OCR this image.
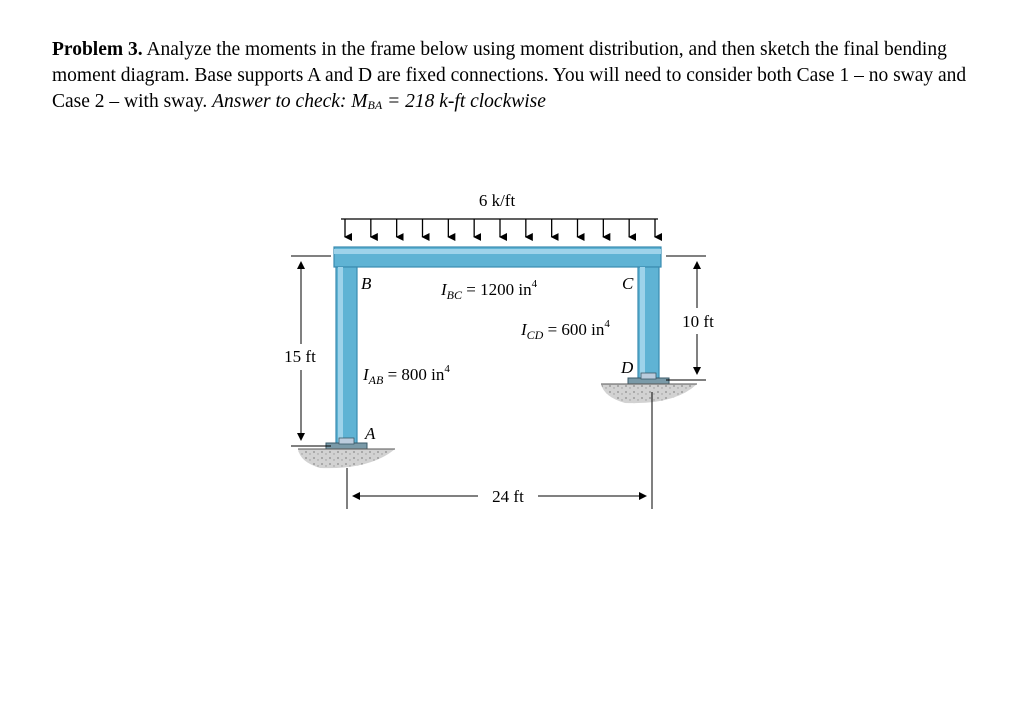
Problem 3. Analyze the moments in the frame below using moment distribution, and then sketch the final bending moment diagram. Base supports A and D are fixed connections. You will need to consider both Case 1 – no sway and Case 2 – with sway. Answer to check: $M_{BA} = 218$ k-ft clockwise
6 k/ft
B	C
A
D
$I_{BC} = 1200$ $in^4$
$I_{CD} = 600$ $in^4$
$I_{AB} = 800$ $in^4$
15 ft
10 ft
24 ft
